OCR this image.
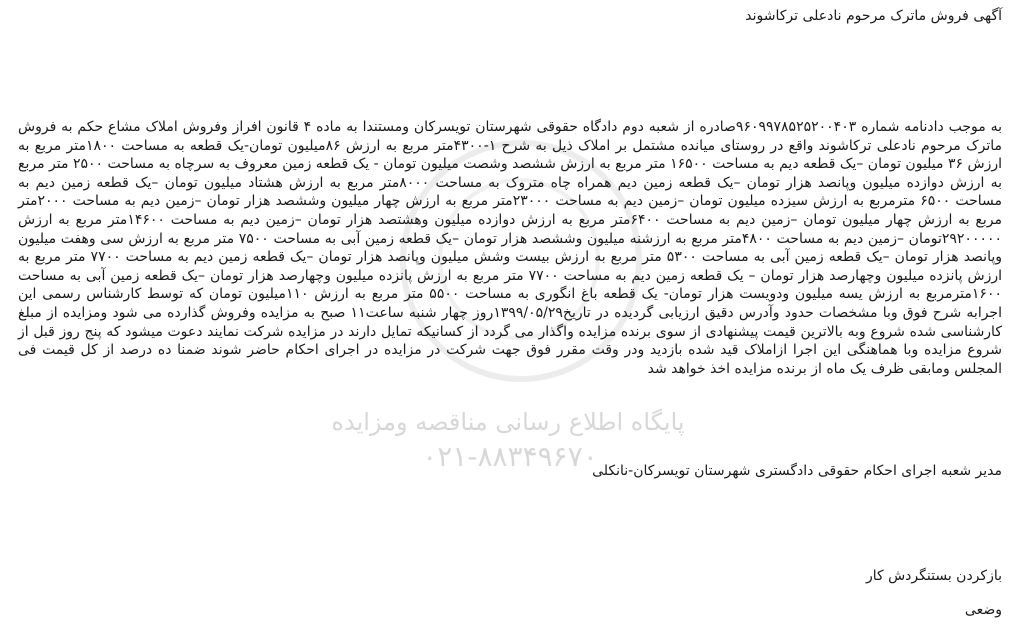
پایگاه اطلاع رسانی مناقصه ومزایده
۰۲۱-۸۸۳۴۹۶۷۰
آگهی فروش ماترک مرحوم نادعلی ترکاشوند

به موجب دادنامه شماره ۹۶۰۹۹۷۸۵۲۵۲۰۰۴۰۳صادره از شعبه دوم دادگاه حقوقی شهرستان تویسرکان ومستندا به ماده ۴ قانون افراز وفروش املاک مشاع حکم به فروش ماترک مرحوم نادعلی ترکاشوند واقع در روستای میانده مشتمل بر املاک ذیل به شرح ۱-۴۳۰۰متر مربع به ارزش ۸۶میلیون تومان-یک قطعه به مساحت ۱۸۰۰متر مربع به ارزش ۳۶ میلیون تومان –یک قطعه دیم به مساحت ۱۶۵۰۰ متر مربع به ارزش ششصد وشصت میلیون تومان - یک قطعه زمین معروف به سرچاه به مساحت ۲۵۰۰ متر مربع به ارزش دوازده میلیون وپانصد هزار تومان –یک قطعه زمین دیم همراه چاه متروک به مساحت ۸۰۰۰متر مربع به ارزش هشتاد میلیون تومان –یک قطعه زمین دیم به مساحت ۶۵۰۰ مترمربع به ارزش سیزده میلیون تومان –زمین دیم به مساحت ۲۳۰۰۰متر مربع به ارزش چهار میلیون وششصد هزار تومان –زمین دیم به مساحت ۲۰۰۰متر مربع به ارزش چهار میلیون تومان –زمین دیم به مساحت ۶۴۰۰متر مربع به ارزش دوازده میلیون وهشتصد هزار تومان –زمین دیم به مساحت ۱۴۶۰۰متر مربع به ارزش ۲۹۲۰۰۰۰۰تومان –زمین دیم به مساحت ۴۸۰۰متر مربع به ارزشنه میلیون وششصد هزار تومان –یک قطعه زمین آبی به مساحت ۷۵۰۰ متر مربع به ارزش سی وهفت میلیون وپانصد هزار تومان –یک قطعه زمین آبی به مساحت ۵۳۰۰ متر مربع به ارزش بیست وشش میلیون وپانصد هزار تومان –یک قطعه زمین دیم به مساحت ۷۷۰۰ متر مربع به ارزش پانزده میلیون وچهارصد هزار تومان – یک قطعه زمین دیم به مساحت ۷۷۰۰ متر مربع به ارزش پانزده میلیون وچهارصد هزار تومان –یک قطعه زمین آبی به مساحت ۱۶۰۰مترمربع به ارزش یسه میلیون ودویست هزار تومان- یک قطعه باغ انگوری به مساحت ۵۵۰۰ متر مربع به ارزش ۱۱۰میلیون تومان که توسط کارشناس رسمی این اجرابه شرح فوق وبا مشخصات حدود وآدرس دقیق ارزیابی گردیده در تاریخ۱۳۹۹/۰۵/۲۹روز چهار شنبه ساعت۱۱ صبح به مزایده وفروش گذارده می شود ومزایده از مبلغ کارشناسی شده شروع وبه بالاترین قیمت پیشنهادی از سوی برنده مزایده واگذار می گردد از کسانیکه تمایل دارند در مزایده شرکت نمایند دعوت میشود که پنج روز قبل از شروع مزایده وبا هماهنگی این اجرا ازاملاک قید شده بازدید ودر وقت مقرر فوق جهت شرکت در مزایده در اجرای احکام حاضر شوند ضمنا ده درصد از کل قیمت فی المجلس ومابقی ظرف یک ماه از برنده مزایده اخذ خواهد شد

مدیر شعبه اجرای احکام حقوقی دادگستری شهرستان تویسرکان-نانکلی
بازکردن بستنگردش کار
وضعی
